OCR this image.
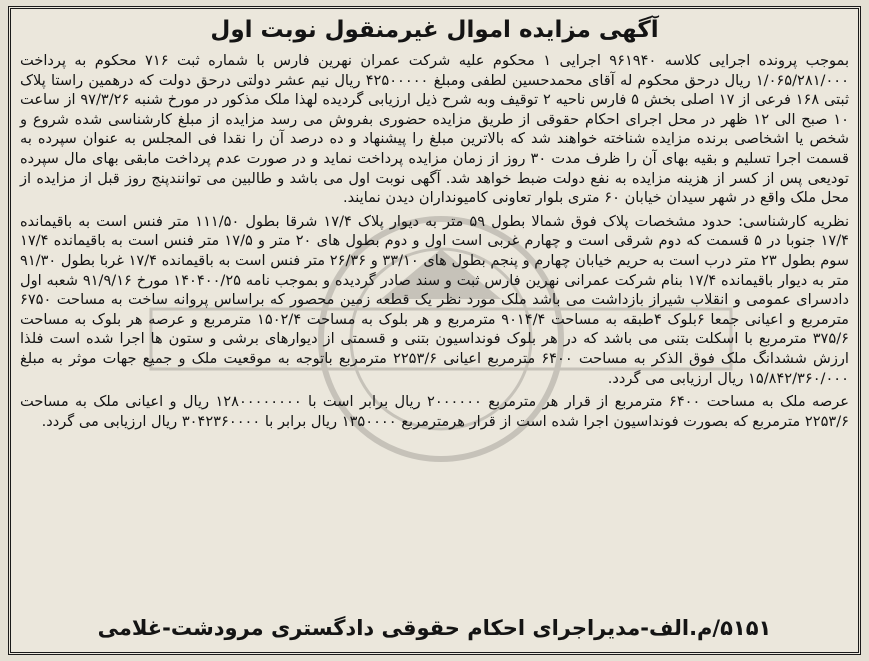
آگهی مزایده اموال غیرمنقول نوبت اول

بموجب پرونده اجرایی کلاسه ۹۶۱۹۴۰ اجرایی ۱ محکوم علیه شرکت عمران نهرین فارس با شماره ثبت ۷۱۶ محکوم به پرداخت ۱/۰۶۵/۲۸۱/۰۰۰ ریال درحق محکوم له آقای محمدحسین لطفی ومبلغ ۴۲۵۰۰۰۰۰ ریال نیم عشر دولتی درحق دولت که درهمین راستا پلاک ثبتی ۱۶۸ فرعی از ۱۷ اصلی بخش ۵ فارس ناحیه ۲ توقیف وبه شرح ذیل ارزیابی گردیده لهذا ملک مذکور در مورخ شنبه ۹۷/۳/۲۶ از ساعت ۱۰ صبح الی ۱۲ ظهر در محل اجرای احکام حقوقی از طریق مزایده حضوری بفروش می رسد مزایده از مبلغ کارشناسی شده شروع و شخص یا اشخاصی برنده مزایده شناخته خواهند شد که بالاترین مبلغ را پیشنهاد و ده درصد آن را نقدا فی المجلس به عنوان سپرده به قسمت اجرا تسلیم و بقیه بهای آن را ظرف مدت ۳۰ روز از زمان مزایده پرداخت نماید و در صورت عدم پرداخت مابقی بهای مال سپرده تودیعی پس از کسر از هزینه مزایده به نفع دولت ضبط خواهد شد. آگهی نوبت اول می باشد و طالبین می توانندپنج روز قبل از مزایده از محل ملک واقع در شهر سیدان خیابان ۶۰ متری بلوار تعاونی کامیونداران دیدن نمایند.

نظریه کارشناسی: حدود مشخصات پلاک فوق شمالا بطول ۵۹ متر به دیوار پلاک ۱۷/۴ شرقا بطول ۱۱۱/۵۰ متر فنس است به باقیمانده ۱۷/۴ جنوبا در ۵ قسمت که دوم شرقی است و چهارم غربی است اول و دوم بطول های ۲۰ متر و ۱۷/۵ متر فنس است به باقیمانده ۱۷/۴ سوم بطول ۲۳ متر درب است به حریم خیابان چهارم و پنجم بطول های ۳۳/۱۰ و ۲۶/۳۶ متر فنس است به باقیمانده ۱۷/۴ غربا بطول ۹۱/۳۰ متر به دیوار باقیمانده ۱۷/۴ بنام شرکت عمرانی نهرین فارس ثبت و سند صادر گردیده و بموجب نامه ۱۴۰۴۰۰/۲۵ مورخ ۹۱/۹/۱۶ شعبه اول دادسرای عمومی و انقلاب شیراز بازداشت می باشد ملک مورد نظر یک قطعه زمین محصور که براساس پروانه ساخت به مساحت ۶۷۵۰ مترمربع و اعیانی جمعا ۶بلوک ۴طبقه به مساحت ۹۰۱۴/۴ مترمربع و هر بلوک به مساحت ۱۵۰۲/۴ مترمربع و عرصه هر بلوک به مساحت ۳۷۵/۶ مترمربع با اسکلت بتنی می باشد که در هر بلوک فونداسیون بتنی و قسمتی از دیوارهای برشی و ستون ها اجرا شده است فلذا ارزش ششدانگ ملک فوق الذکر به مساحت ۶۴۰۰ مترمربع اعیانی ۲۲۵۳/۶ مترمربع باتوجه به موقعیت ملک و جمیع جهات موثر به مبلغ ۱۵/۸۴۲/۳۶۰/۰۰۰ ریال ارزیابی می گردد.

عرصه ملک به مساحت ۶۴۰۰ مترمربع از قرار هر مترمربع ۲۰۰۰۰۰۰ ریال برابر است با ۱۲۸۰۰۰۰۰۰۰۰ ریال و اعیانی ملک به مساحت ۲۲۵۳/۶ مترمربع که بصورت فونداسیون اجرا شده است از قرار هرمترمربع ۱۳۵۰۰۰۰ ریال برابر با ۳۰۴۲۳۶۰۰۰۰ ریال ارزیابی می گردد.

۵۱۵۱/م.الف-مدیراجرای احکام حقوقی دادگستری مرودشت-غلامی
